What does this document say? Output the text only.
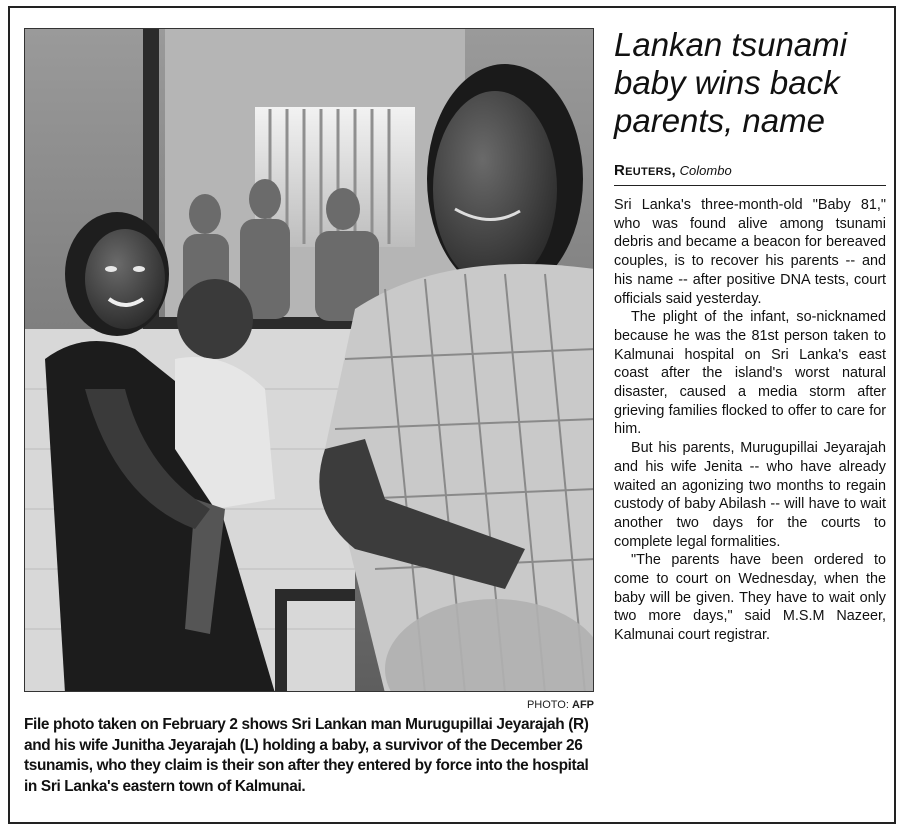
PHOTO: AFP
File photo taken on February 2 shows Sri Lankan man Murugupillai Jeyarajah (R) and his wife Junitha Jeyarajah (L) holding a baby, a survivor of the December 26 tsunamis, who they claim is their son after they entered by force into the hospital in Sri Lanka's eastern town of Kalmunai.
Lankan tsunami baby wins back parents, name
Reuters, Colombo

Sri Lanka's three-month-old "Baby 81," who was found alive among tsunami debris and became a beacon for bereaved couples, is to recover his parents -- and his name -- after positive DNA tests, court officials said yesterday.

The plight of the infant, so-nicknamed because he was the 81st person taken to Kalmunai hospital on Sri Lanka's east coast after the island's worst natural disaster, caused a media storm after grieving families flocked to offer to care for him.

But his parents, Murugupillai Jeyarajah and his wife Jenita -- who have already waited an agonizing two months to regain custody of baby Abilash -- will have to wait another two days for the courts to complete legal formalities.

"The parents have been ordered to come to court on Wednesday, when the baby will be given. They have to wait only two more days," said M.S.M Nazeer, Kalmunai court registrar.
